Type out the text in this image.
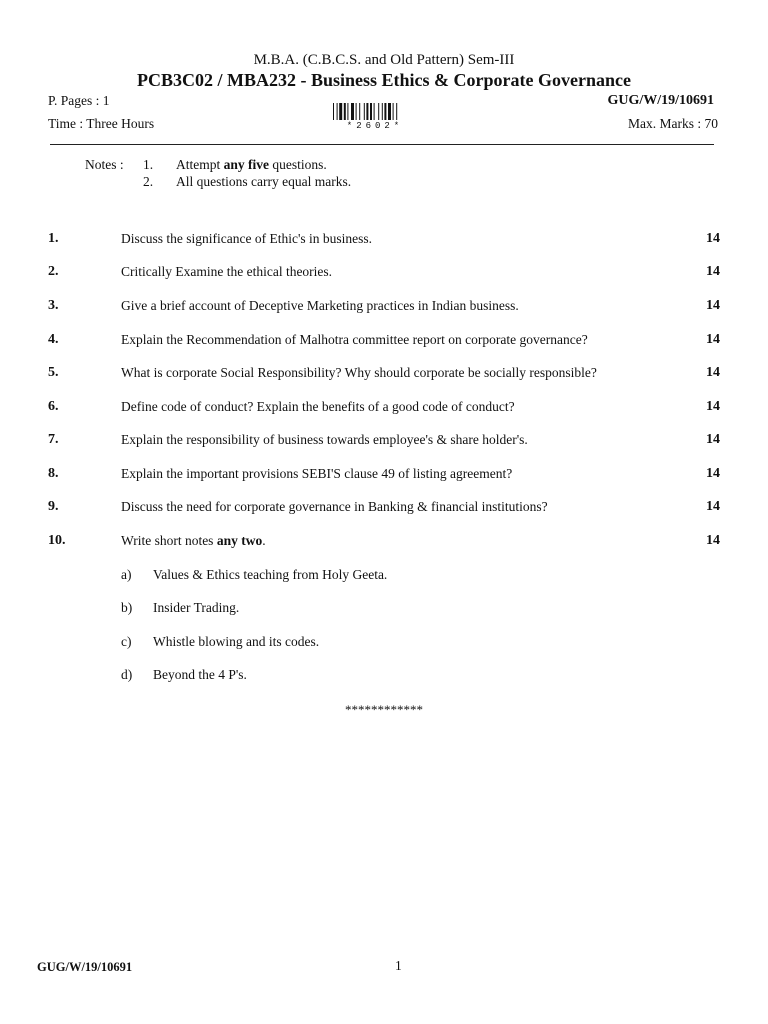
M.B.A. (C.B.C.S. and Old Pattern) Sem-III
PCB3C02 / MBA232 - Business Ethics & Corporate Governance
P. Pages : 1	GUG/W/19/10691
*2602*
Time : Three Hours	Max. Marks : 70
Notes : 1. Attempt any five questions.
2. All questions carry equal marks.
1.	Discuss the significance of Ethic's in business.	14
2.	Critically Examine the ethical theories.	14
3.	Give a brief account of Deceptive Marketing practices in Indian business.	14
4.	Explain the Recommendation of Malhotra committee report on corporate governance?	14
5.	What is corporate Social Responsibility? Why should corporate be socially responsible?	14
6.	Define code of conduct? Explain the benefits of a good code of conduct?	14
7.	Explain the responsibility of business towards employee's & share holder's.	14
8.	Explain the important provisions SEBI'S clause 49 of listing agreement?	14
9.	Discuss the need for corporate governance in Banking & financial institutions?	14
10.	Write short notes any two.	14
a) Values & Ethics teaching from Holy Geeta.
b) Insider Trading.
c) Whistle blowing and its codes.
d) Beyond the 4 P's.
************
GUG/W/19/10691	1
